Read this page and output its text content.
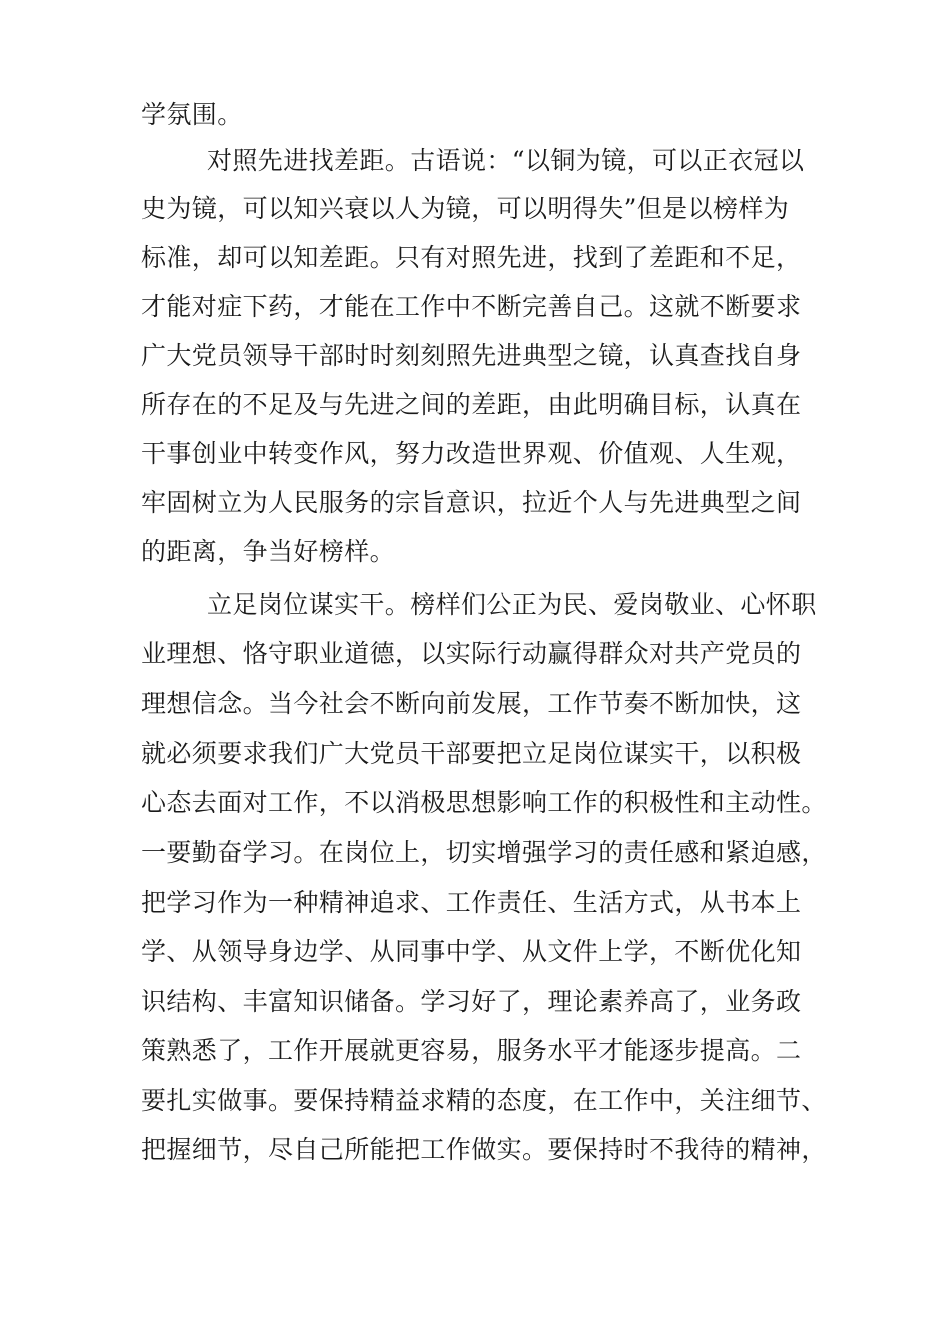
学氛围。
对照先进找差距。古语说：“以铜为镜，可以正衣冠以
史为镜，可以知兴衰以人为镜，可以明得失”但是以榜样为
标准，却可以知差距。只有对照先进，找到了差距和不足，
才能对症下药，才能在工作中不断完善自己。这就不断要求
广大党员领导干部时时刻刻照先进典型之镜，认真查找自身
所存在的不足及与先进之间的差距，由此明确目标，认真在
干事创业中转变作风，努力改造世界观、价值观、人生观，
牢固树立为人民服务的宗旨意识，拉近个人与先进典型之间
的距离，争当好榜样。
立足岗位谋实干。榜样们公正为民、爱岗敬业、心怀职
业理想、恪守职业道德，以实际行动赢得群众对共产党员的
理想信念。当今社会不断向前发展，工作节奏不断加快，这
就必须要求我们广大党员干部要把立足岗位谋实干，以积极
心态去面对工作，不以消极思想影响工作的积极性和主动性。
一要勤奋学习。在岗位上，切实增强学习的责任感和紧迫感，
把学习作为一种精神追求、工作责任、生活方式，从书本上
学、从领导身边学、从同事中学、从文件上学，不断优化知
识结构、丰富知识储备。学习好了，理论素养高了，业务政
策熟悉了，工作开展就更容易，服务水平才能逐步提高。二
要扎实做事。要保持精益求精的态度，在工作中，关注细节、
把握细节，尽自己所能把工作做实。要保持时不我待的精神，
